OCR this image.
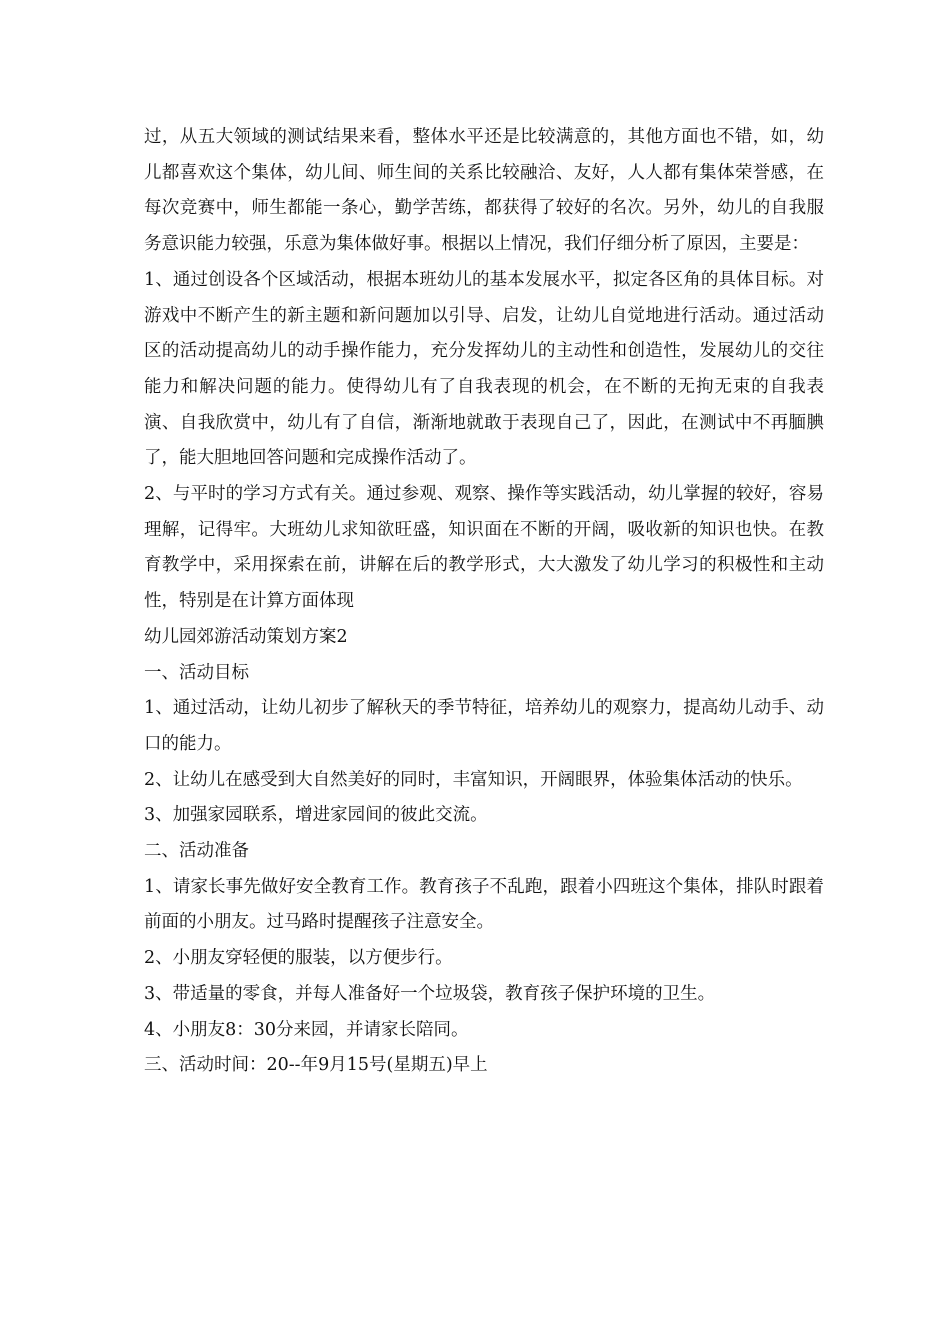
过，从五大领域的测试结果来看，整体水平还是比较满意的，其他方面也不错，如，幼儿都喜欢这个集体，幼儿间、师生间的关系比较融洽、友好，人人都有集体荣誉感，在每次竞赛中，师生都能一条心，勤学苦练，都获得了较好的名次。另外，幼儿的自我服务意识能力较强，乐意为集体做好事。根据以上情况，我们仔细分析了原因，主要是：

1、通过创设各个区域活动，根据本班幼儿的基本发展水平，拟定各区角的具体目标。对游戏中不断产生的新主题和新问题加以引导、启发，让幼儿自觉地进行活动。通过活动区的活动提高幼儿的动手操作能力，充分发挥幼儿的主动性和创造性，发展幼儿的交往能力和解决问题的能力。使得幼儿有了自我表现的机会，在不断的无拘无束的自我表演、自我欣赏中，幼儿有了自信，渐渐地就敢于表现自己了，因此，在测试中不再腼腆了，能大胆地回答问题和完成操作活动了。

2、与平时的学习方式有关。通过参观、观察、操作等实践活动，幼儿掌握的较好，容易理解，记得牢。大班幼儿求知欲旺盛，知识面在不断的开阔，吸收新的知识也快。在教育教学中，采用探索在前，讲解在后的教学形式，大大激发了幼儿学习的积极性和主动性，特别是在计算方面体现

幼儿园郊游活动策划方案2

一、活动目标

1、通过活动，让幼儿初步了解秋天的季节特征，培养幼儿的观察力，提高幼儿动手、动口的能力。

2、让幼儿在感受到大自然美好的同时，丰富知识，开阔眼界，体验集体活动的快乐。

3、加强家园联系，增进家园间的彼此交流。

二、活动准备

1、请家长事先做好安全教育工作。教育孩子不乱跑，跟着小四班这个集体，排队时跟着前面的小朋友。过马路时提醒孩子注意安全。

2、小朋友穿轻便的服装，以方便步行。

3、带适量的零食，并每人准备好一个垃圾袋，教育孩子保护环境的卫生。

4、小朋友8：30分来园，并请家长陪同。

三、活动时间：20--年9月15号(星期五)早上
